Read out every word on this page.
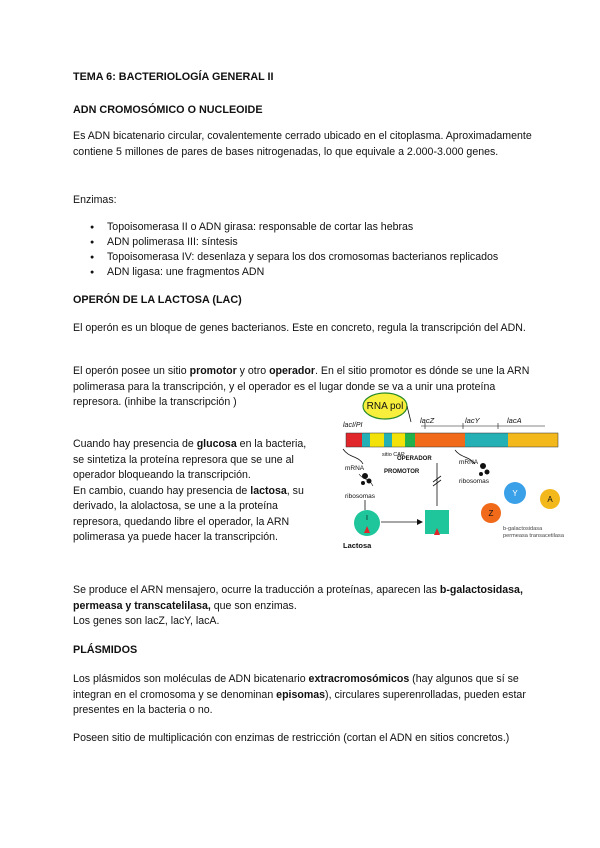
TEMA 6: BACTERIOLOGÍA GENERAL II

ADN CROMOSÓMICO O NUCLEOIDE

Es ADN bicatenario circular, covalentemente cerrado ubicado en el citoplasma. Aproximadamente contiene 5 millones de pares de bases nitrogenadas, lo que equivale a 2.000-3.000 genes.

Enzimas:

● Topoisomerasa II o ADN girasa: responsable de cortar las hebras
● ADN polimerasa III: síntesis
● Topoisomerasa IV: desenlaza y separa los dos cromosomas bacterianos replicados
● ADN ligasa: une fragmentos ADN

OPERÓN DE LA LACTOSA (LAC)

El operón es un bloque de genes bacterianos. Este en concreto, regula la transcripción del ADN.

El operón posee un sitio promotor y otro operador. En el sitio promotor es dónde se une la ARN polimerasa para la transcripción, y el operador es el lugar donde se va a unir una proteína represora. (inhibe la transcripción )

Cuando hay presencia de glucosa en la bacteria, se sintetiza la proteína represora que se une al operador bloqueando la transcripción.
En cambio, cuando hay presencia de lactosa, su derivado, la alolactosa, se une a la proteína represora, quedando libre el operador, la ARN polimerasa ya puede hacer la transcripción.

Se produce el ARN mensajero, ocurre la traducción a proteínas, aparecen las b-galactosidasa, permeasa y transcatelilasa, que son enzimas.

Los genes son lacZ, lacY, lacA.

PLÁSMIDOS

Los plásmidos son moléculas de ADN bicatenario extracromosómicos (hay algunos que sí se integran en el cromosoma y se denominan episomas), circulares superenrolladas, pueden estar presentes en la bacteria o no.

Poseen sitio de multiplicación con enzimas de restricción (cortan el ADN en sitios concretos.)

RNA pol
lacI/PI
lacZ	lacY	lacA
sitio CAP
OPERADOR
PROMOTOR
mRNA
ribosomas
I
Lactosa
mRNA
ribosomas
Y
A
Z
b-galactosidasa permeasa transacetilasa
